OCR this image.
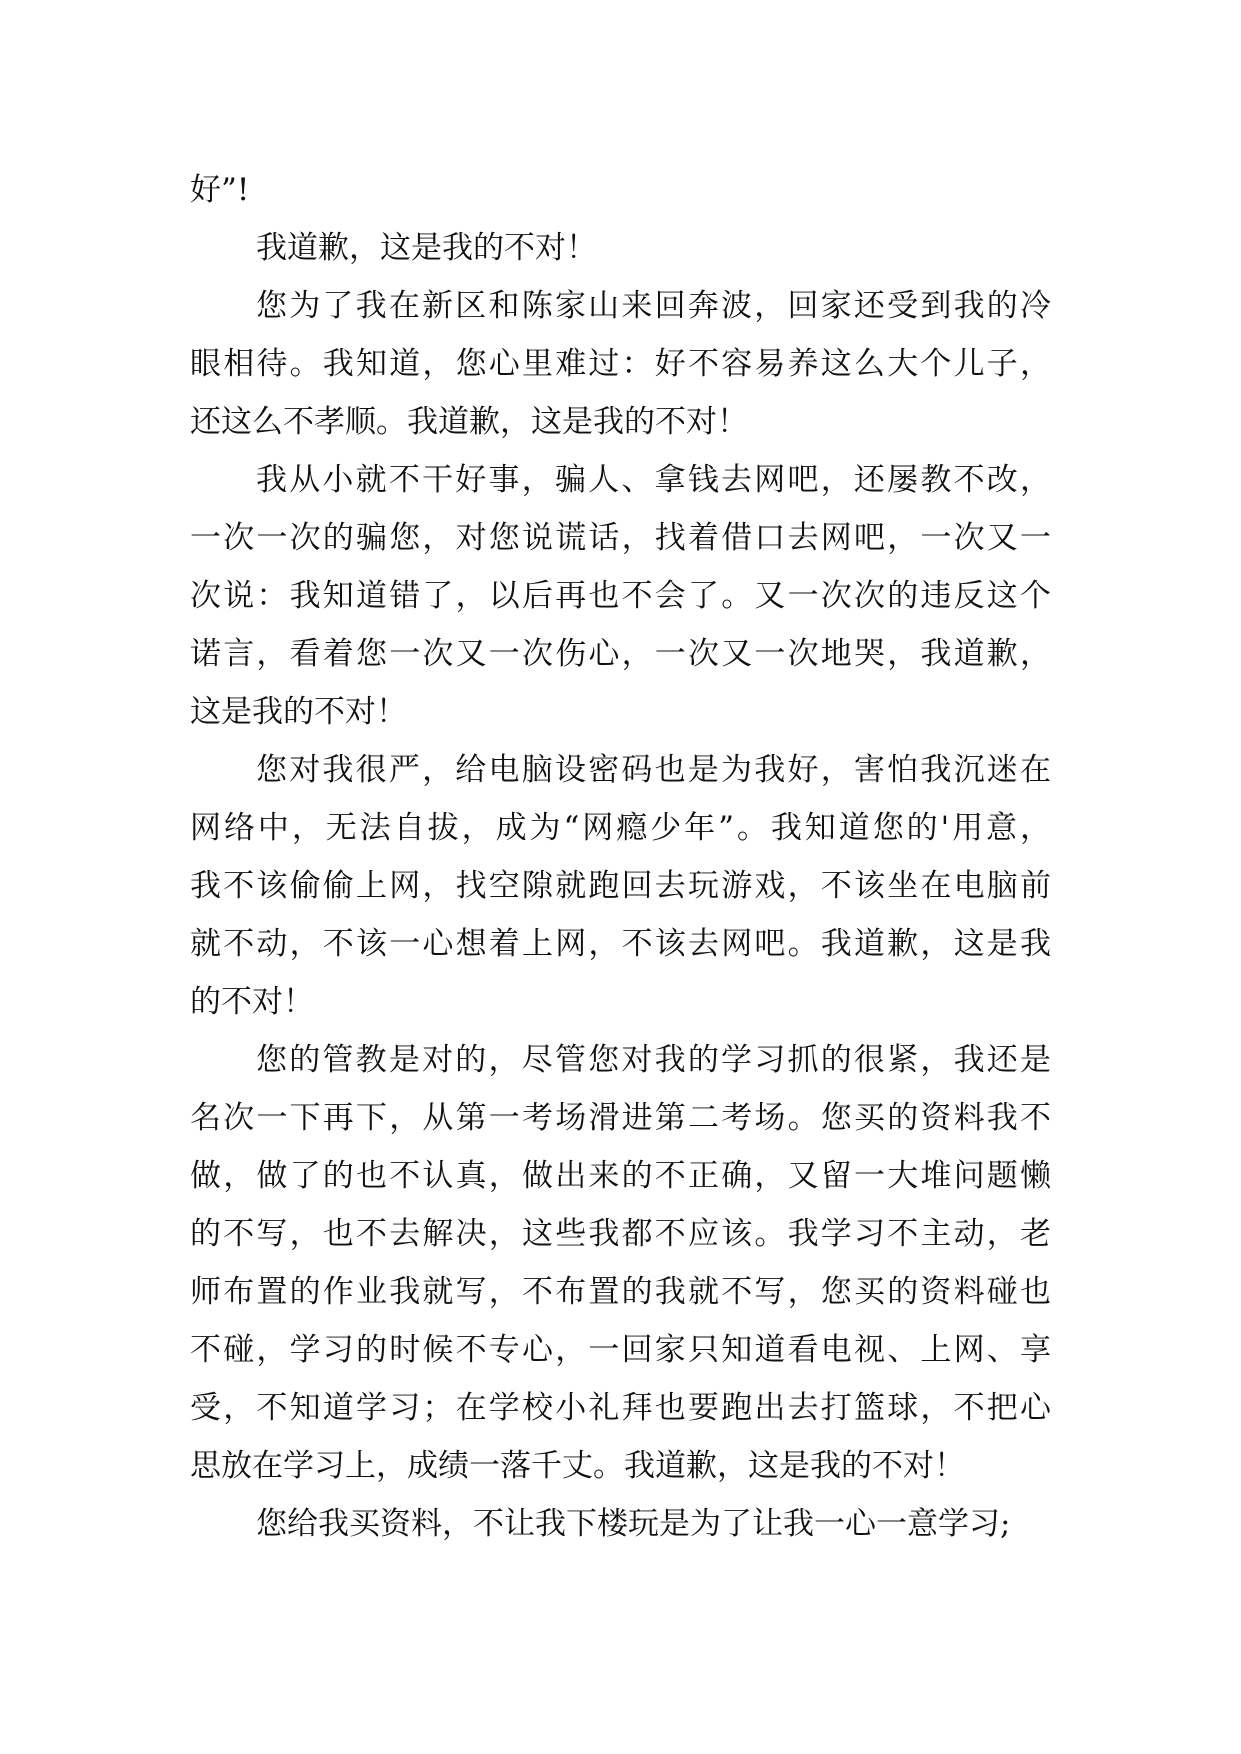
好”!
我道歉，这是我的不对！
您为了我在新区和陈家山来回奔波，回家还受到我的冷
眼相待。我知道，您心里难过：好不容易养这么大个儿子，
还这么不孝顺。我道歉，这是我的不对！
我从小就不干好事，骗人、拿钱去网吧，还屡教不改，
一次一次的骗您，对您说谎话，找着借口去网吧，一次又一
次说：我知道错了，以后再也不会了。又一次次的违反这个
诺言，看着您一次又一次伤心，一次又一次地哭，我道歉，
这是我的不对！
您对我很严，给电脑设密码也是为我好，害怕我沉迷在
网络中，无法自拔，成为“网瘾少年”。我知道您的'用意，
我不该偷偷上网，找空隙就跑回去玩游戏，不该坐在电脑前
就不动，不该一心想着上网，不该去网吧。我道歉，这是我
的不对！
您的管教是对的，尽管您对我的学习抓的很紧，我还是
名次一下再下，从第一考场滑进第二考场。您买的资料我不
做，做了的也不认真，做出来的不正确，又留一大堆问题懒
的不写，也不去解决，这些我都不应该。我学习不主动，老
师布置的作业我就写，不布置的我就不写，您买的资料碰也
不碰，学习的时候不专心，一回家只知道看电视、上网、享
受，不知道学习；在学校小礼拜也要跑出去打篮球，不把心
思放在学习上，成绩一落千丈。我道歉，这是我的不对！
您给我买资料，不让我下楼玩是为了让我一心一意学习;
